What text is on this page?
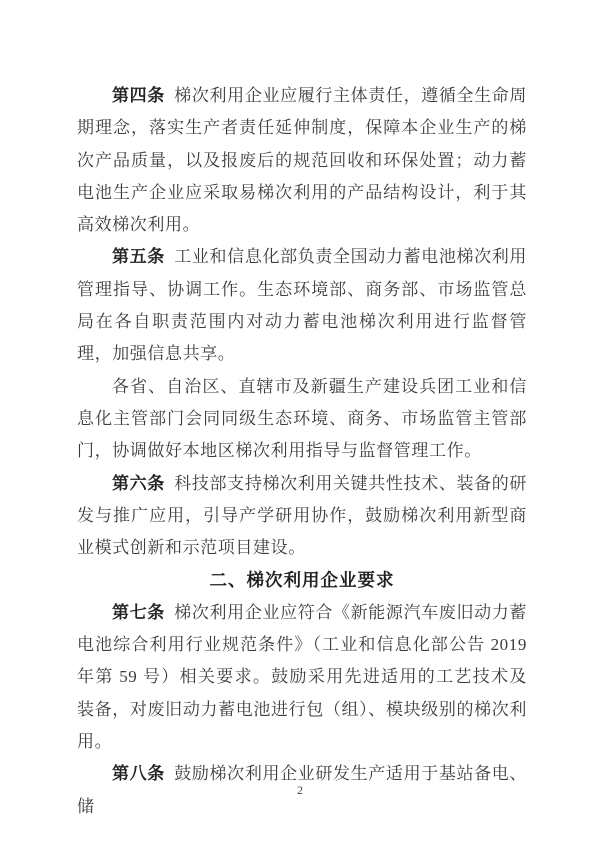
第四条 梯次利用企业应履行主体责任，遵循全生命周期理念，落实生产者责任延伸制度，保障本企业生产的梯次产品质量，以及报废后的规范回收和环保处置；动力蓄电池生产企业应采取易梯次利用的产品结构设计，利于其高效梯次利用。

第五条 工业和信息化部负责全国动力蓄电池梯次利用管理指导、协调工作。生态环境部、商务部、市场监管总局在各自职责范围内对动力蓄电池梯次利用进行监督管理，加强信息共享。

各省、自治区、直辖市及新疆生产建设兵团工业和信息化主管部门会同同级生态环境、商务、市场监管主管部门，协调做好本地区梯次利用指导与监督管理工作。

第六条 科技部支持梯次利用关键共性技术、装备的研发与推广应用，引导产学研用协作，鼓励梯次利用新型商业模式创新和示范项目建设。

二、梯次利用企业要求

第七条 梯次利用企业应符合《新能源汽车废旧动力蓄电池综合利用行业规范条件》（工业和信息化部公告 2019 年第 59 号）相关要求。鼓励采用先进适用的工艺技术及装备，对废旧动力蓄电池进行包（组）、模块级别的梯次利用。

第八条 鼓励梯次利用企业研发生产适用于基站备电、储

2
